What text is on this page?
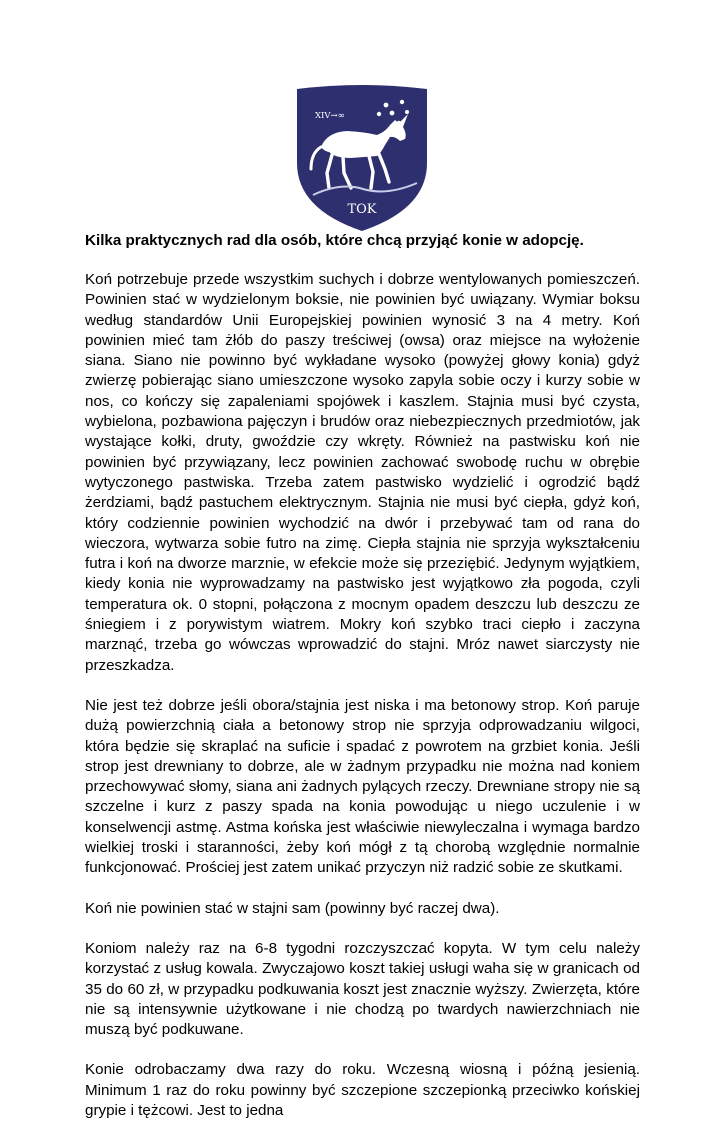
XIV→∞
TOK

Kilka praktycznych rad dla osób, które chcą przyjąć konie w adopcję.

Koń potrzebuje przede wszystkim suchych i dobrze wentylowanych pomieszczeń. Powinien stać w wydzielonym boksie, nie powinien być uwiązany. Wymiar boksu według standardów Unii Europejskiej powinien wynosić 3 na 4 metry. Koń powinien mieć tam żłób do paszy treściwej (owsa) oraz miejsce na wyłożenie siana. Siano nie powinno być wykładane wysoko (powyżej głowy konia) gdyż zwierzę pobierając siano umieszczone wysoko zapyla sobie oczy i kurzy sobie w nos, co kończy się zapaleniami spojówek i kaszlem. Stajnia musi być czysta, wybielona, pozbawiona pajęczyn i brudów oraz niebezpiecznych przedmiotów, jak wystające kołki, druty, gwoździe czy wkręty. Również na pastwisku koń nie powinien być przywiązany, lecz powinien zachować swobodę ruchu w obrębie wytyczonego pastwiska. Trzeba zatem pastwisko wydzielić i ogrodzić bądź żerdziami, bądź pastuchem elektrycznym. Stajnia nie musi być ciepła, gdyż koń, który codziennie powinien wychodzić na dwór i przebywać tam od rana do wieczora, wytwarza sobie futro na zimę. Ciepła stajnia nie sprzyja wykształceniu futra i koń na dworze marznie, w efekcie może się przeziębić. Jedynym wyjątkiem, kiedy konia nie wyprowadzamy na pastwisko jest wyjątkowo zła pogoda, czyli temperatura ok. 0 stopni, połączona z mocnym opadem deszczu lub deszczu ze śniegiem i z porywistym wiatrem. Mokry koń szybko traci ciepło i zaczyna marznąć, trzeba go wówczas wprowadzić do stajni. Mróz nawet siarczysty nie przeszkadza.

Nie jest też dobrze jeśli obora/stajnia jest niska i ma betonowy strop. Koń paruje dużą powierzchnią ciała a betonowy strop nie sprzyja odprowadzaniu wilgoci, która będzie się skraplać na suficie i spadać z powrotem na grzbiet konia. Jeśli strop jest drewniany to dobrze, ale w żadnym przypadku nie można nad koniem przechowywać słomy, siana ani żadnych pylących rzeczy. Drewniane stropy nie są szczelne i kurz z paszy spada na konia powodując u niego uczulenie i w konselwencji astmę. Astma końska jest właściwie niewyleczalna i wymaga bardzo wielkiej troski i staranności, żeby koń mógł z tą chorobą względnie normalnie funkcjonować. Prościej jest zatem unikać przyczyn niż radzić sobie ze skutkami.

Koń nie powinien stać w stajni sam (powinny być raczej dwa).

Koniom należy raz na 6-8 tygodni rozczyszczać kopyta. W tym celu należy korzystać z usług kowala. Zwyczajowo koszt takiej usługi waha się w granicach od 35 do 60 zł, w przypadku podkuwania koszt jest znacznie wyższy. Zwierzęta, które nie są intensywnie użytkowane i nie chodzą po twardych nawierzchniach nie muszą być podkuwane.

Konie odrobaczamy dwa razy do roku. Wczesną wiosną i późną jesienią. Minimum 1 raz do roku powinny być szczepione szczepionką przeciwko końskiej grypie i tężcowi. Jest to jedna
